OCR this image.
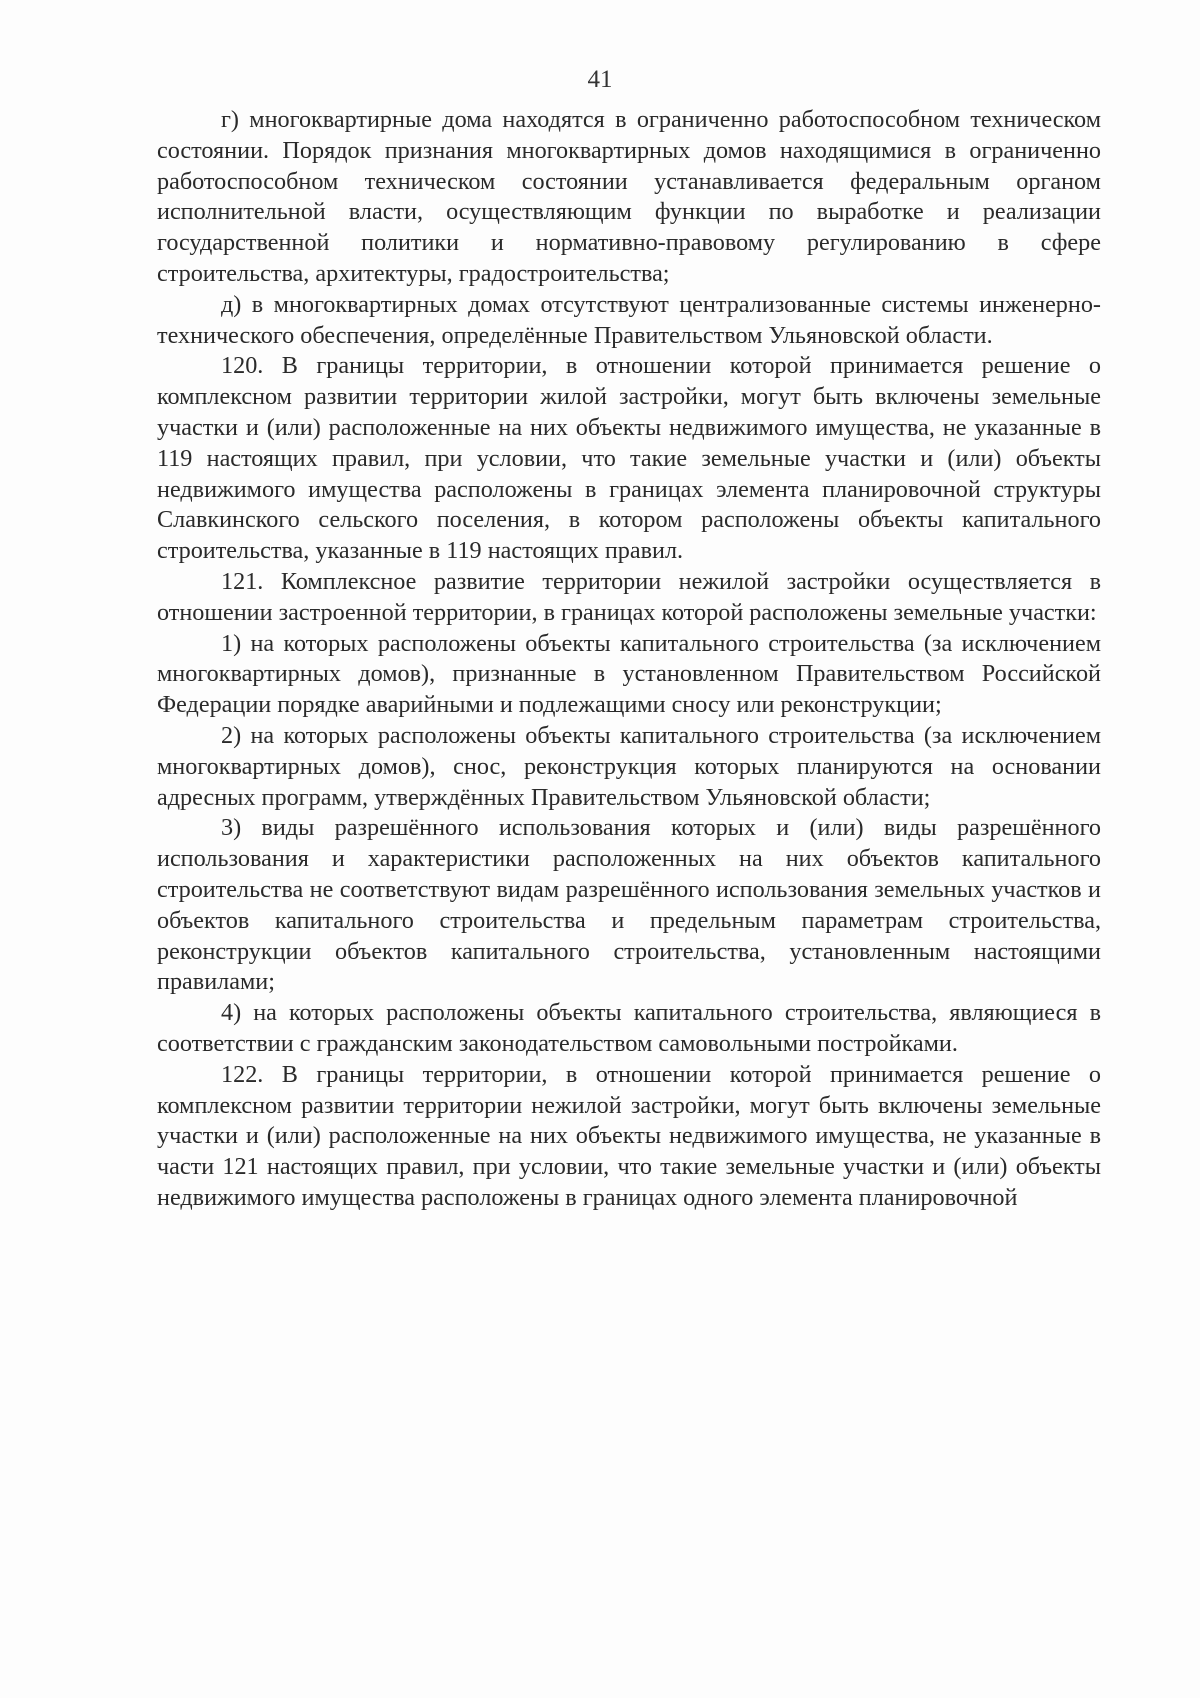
41

г) многоквартирные дома находятся в ограниченно работоспособном техническом состоянии. Порядок признания многоквартирных домов находящимися в ограниченно работоспособном техническом состоянии устанавливается федеральным органом исполнительной власти, осуществляющим функции по выработке и реализации государственной политики и нормативно-правовому регулированию в сфере строительства, архитектуры, градостроительства;

д) в многоквартирных домах отсутствуют централизованные системы инженерно-технического обеспечения, определённые Правительством Ульяновской области.

120. В границы территории, в отношении которой принимается решение о комплексном развитии территории жилой застройки, могут быть включены земельные участки и (или) расположенные на них объекты недвижимого имущества, не указанные в 119 настоящих правил, при условии, что такие земельные участки и (или) объекты недвижимого имущества расположены в границах элемента планировочной структуры Славкинского сельского поселения, в котором расположены объекты капитального строительства, указанные в 119 настоящих правил.

121. Комплексное развитие территории нежилой застройки осуществляется в отношении застроенной территории, в границах которой расположены земельные участки:

1) на которых расположены объекты капитального строительства (за исключением многоквартирных домов), признанные в установленном Правительством Российской Федерации порядке аварийными и подлежащими сносу или реконструкции;

2) на которых расположены объекты капитального строительства (за исключением многоквартирных домов), снос, реконструкция которых планируются на основании адресных программ, утверждённых Правительством Ульяновской области;

3) виды разрешённого использования которых и (или) виды разрешённого использования и характеристики расположенных на них объектов капитального строительства не соответствуют видам разрешённого использования земельных участков и объектов капитального строительства и предельным параметрам строительства, реконструкции объектов капитального строительства, установленным настоящими правилами;

4) на которых расположены объекты капитального строительства, являющиеся в соответствии с гражданским законодательством самовольными постройками.

122. В границы территории, в отношении которой принимается решение о комплексном развитии территории нежилой застройки, могут быть включены земельные участки и (или) расположенные на них объекты недвижимого имущества, не указанные в части 121 настоящих правил, при условии, что такие земельные участки и (или) объекты недвижимого имущества расположены в границах одного элемента планировочной
